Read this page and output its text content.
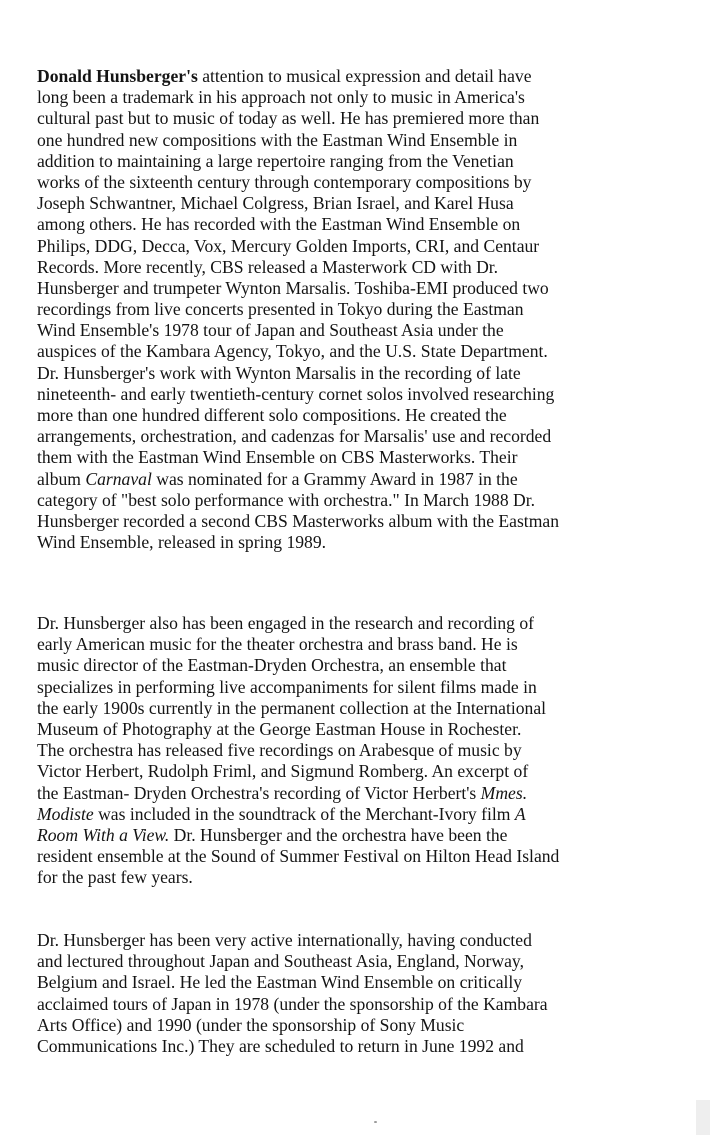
Donald Hunsberger's attention to musical expression and detail have
long been a trademark in his approach not only to music in America's
cultural past but to music of today as well. He has premiered more than
one hundred new compositions with the Eastman Wind Ensemble in
addition to maintaining a large repertoire ranging from the Venetian
works of the sixteenth century through contemporary compositions by
Joseph Schwantner, Michael Colgress, Brian Israel, and Karel Husa
among others. He has recorded with the Eastman Wind Ensemble on
Philips, DDG, Decca, Vox, Mercury Golden Imports, CRI, and Centaur
Records. More recently, CBS released a Masterwork CD with Dr.
Hunsberger and trumpeter Wynton Marsalis. Toshiba-EMI produced two
recordings from live concerts presented in Tokyo during the Eastman
Wind Ensemble's 1978 tour of Japan and Southeast Asia under the
auspices of the Kambara Agency, Tokyo, and the U.S. State Department.
Dr. Hunsberger's work with Wynton Marsalis in the recording of late
nineteenth- and early twentieth-century cornet solos involved researching
more than one hundred different solo compositions. He created the
arrangements, orchestration, and cadenzas for Marsalis' use and recorded
them with the Eastman Wind Ensemble on CBS Masterworks. Their
album Carnaval was nominated for a Grammy Award in 1987 in the
category of "best solo performance with orchestra." In March 1988 Dr.
Hunsberger recorded a second CBS Masterworks album with the Eastman
Wind Ensemble, released in spring 1989.
Dr. Hunsberger also has been engaged in the research and recording of
early American music for the theater orchestra and brass band. He is
music director of the Eastman-Dryden Orchestra, an ensemble that
specializes in performing live accompaniments for silent films made in
the early 1900s currently in the permanent collection at the International
Museum of Photography at the George Eastman House in Rochester.
The orchestra has released five recordings on Arabesque of music by
Victor Herbert, Rudolph Friml, and Sigmund Romberg. An excerpt of
the Eastman- Dryden Orchestra's recording of Victor Herbert's Mmes.
Modiste was included in the soundtrack of the Merchant-Ivory film A
Room With a View. Dr. Hunsberger and the orchestra have been the
resident ensemble at the Sound of Summer Festival on Hilton Head Island
for the past few years.
Dr. Hunsberger has been very active internationally, having conducted
and lectured throughout Japan and Southeast Asia, England, Norway,
Belgium and Israel. He led the Eastman Wind Ensemble on critically
acclaimed tours of Japan in 1978 (under the sponsorship of the Kambara
Arts Office) and 1990 (under the sponsorship of Sony Music
Communications Inc.) They are scheduled to return in June 1992 and
